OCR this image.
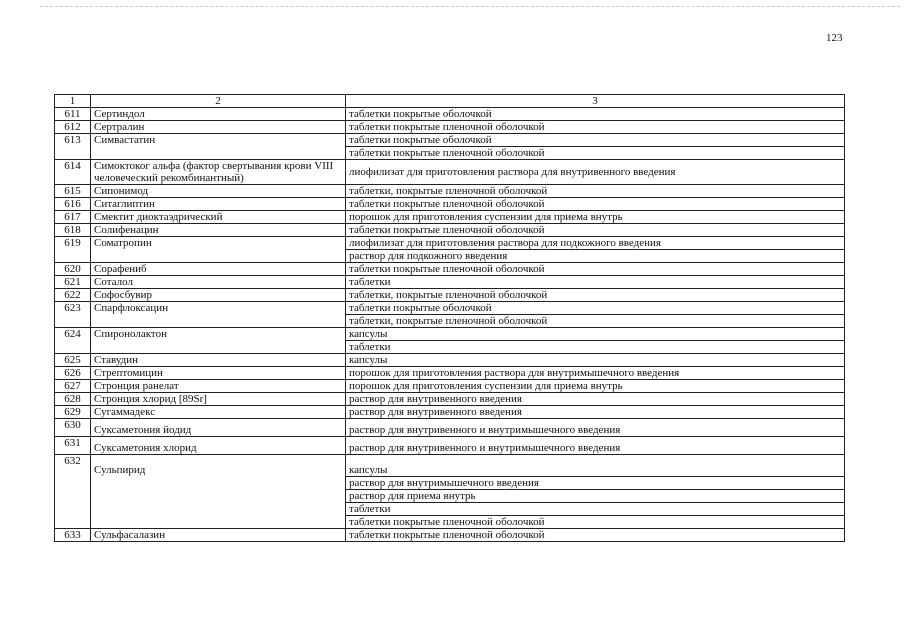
123
1	2	3
611	Сертиндол	таблетки покрытые оболочкой
612	Сертралин	таблетки покрытые пленочной оболочкой
613	Симвастатин	таблетки покрытые оболочкой
		таблетки покрытые пленочной оболочкой
614	Симоктоког альфа (фактор свертывания крови VIII человеческий рекомбинантный)	лиофилизат для приготовления раствора для внутривенного введения
615	Сипонимод	таблетки, покрытые пленочной оболочкой
616	Ситаглиптин	таблетки покрытые пленочной оболочкой
617	Смектит диоктаэдрический	порошок для приготовления суспензии для приема внутрь
618	Солифенацин	таблетки покрытые пленочной оболочкой
619	Соматропин	лиофилизат для приготовления раствора для подкожного введения
		раствор для подкожного введения
620	Сорафениб	таблетки покрытые пленочной оболочкой
621	Соталол	таблетки
622	Софосбувир	таблетки, покрытые пленочной оболочкой
623	Спарфлоксацин	таблетки покрытые оболочкой
		таблетки, покрытые пленочной оболочкой
624	Спиронолактон	капсулы
		таблетки
625	Ставудин	капсулы
626	Стрептомицин	порошок для приготовления раствора для внутримышечного введения
627	Стронция ранелат	порошок для приготовления суспензии для приема внутрь
628	Стронция хлорид [89Sr]	раствор для внутривенного введения
629	Сугаммадекс	раствор для внутривенного введения
630	Суксаметония йодид	раствор для внутривенного и внутримышечного введения
631	Суксаметония хлорид	раствор для внутривенного и внутримышечного введения
632	Сульпирид	капсулы
		раствор для внутримышечного введения
		раствор для приема внутрь
		таблетки
		таблетки покрытые пленочной оболочкой
633	Сульфасалазин	таблетки покрытые пленочной оболочкой
